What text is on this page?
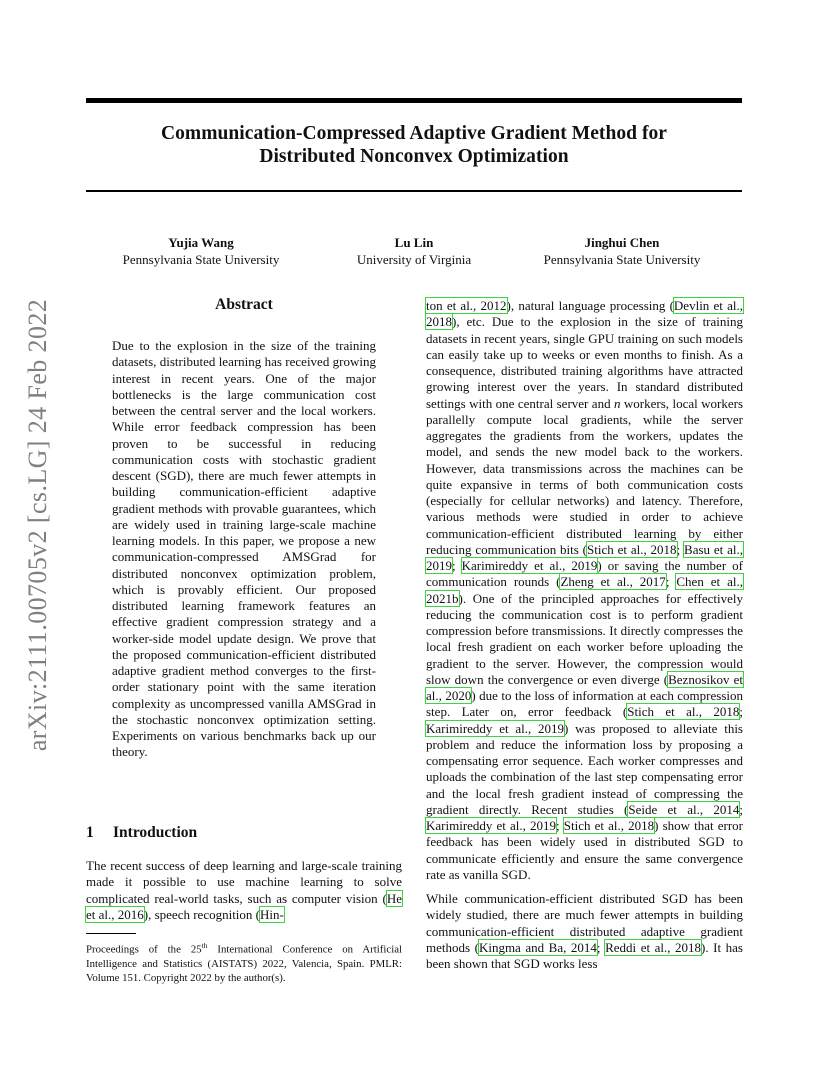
Communication-Compressed Adaptive Gradient Method for
Distributed Nonconvex Optimization
Yujia Wang
Pennsylvania State University
Lu Lin
University of Virginia
Jinghui Chen
Pennsylvania State University
arXiv:2111.00705v2 [cs.LG] 24 Feb 2022	Abstract

Due to the explosion in the size of the training datasets, distributed learning has received growing interest in recent years. One of the major bottlenecks is the large communication cost between the central server and the local workers. While error feedback compression has been proven to be successful in reducing communication costs with stochastic gradient descent (SGD), there are much fewer attempts in building communication-efficient adaptive gradient methods with provable guarantees, which are widely used in training large-scale machine learning models. In this paper, we propose a new communication-compressed AMSGrad for distributed nonconvex optimization problem, which is provably efficient. Our proposed distributed learning framework features an effective gradient compression strategy and a worker-side model update design. We prove that the proposed communication-efficient distributed adaptive gradient method converges to the first-order stationary point with the same iteration complexity as uncompressed vanilla AMSGrad in the stochastic nonconvex optimization setting. Experiments on various benchmarks back up our theory.

1 Introduction

The recent success of deep learning and large-scale training made it possible to use machine learning to solve complicated real-world tasks, such as computer vision (He et al., 2016), speech recognition (Hin-

Proceedings of the 25th International Conference on Artificial Intelligence and Statistics (AISTATS) 2022, Valencia, Spain. PMLR: Volume 151. Copyright 2022 by the author(s).

ton et al., 2012), natural language processing (Devlin et al., 2018), etc. Due to the explosion in the size of training datasets in recent years, single GPU training on such models can easily take up to weeks or even months to finish. As a consequence, distributed training algorithms have attracted growing interest over the years. In standard distributed settings with one central server and n workers, local workers parallelly compute local gradients, while the server aggregates the gradients from the workers, updates the model, and sends the new model back to the workers. However, data transmissions across the machines can be quite expansive in terms of both communication costs (especially for cellular networks) and latency. Therefore, various methods were studied in order to achieve communication-efficient distributed learning by either reducing communication bits (Stich et al., 2018; Basu et al., 2019; Karimireddy et al., 2019) or saving the number of communication rounds (Zheng et al., 2017; Chen et al., 2021b). One of the principled approaches for effectively reducing the communication cost is to perform gradient compression before transmissions. It directly compresses the local fresh gradient on each worker before uploading the gradient to the server. However, the compression would slow down the convergence or even diverge (Beznosikov et al., 2020) due to the loss of information at each compression step. Later on, error feedback (Stich et al., 2018; Karimireddy et al., 2019) was proposed to alleviate this problem and reduce the information loss by proposing a compensating error sequence. Each worker compresses and uploads the combination of the last step compensating error and the local fresh gradient instead of compressing the gradient directly. Recent studies (Seide et al., 2014; Karimireddy et al., 2019; Stich et al., 2018) show that error feedback has been widely used in distributed SGD to communicate efficiently and ensure the same convergence rate as vanilla SGD.

While communication-efficient distributed SGD has been widely studied, there are much fewer attempts in building communication-efficient distributed adaptive gradient methods (Kingma and Ba, 2014; Reddi et al., 2018). It has been shown that SGD works less
